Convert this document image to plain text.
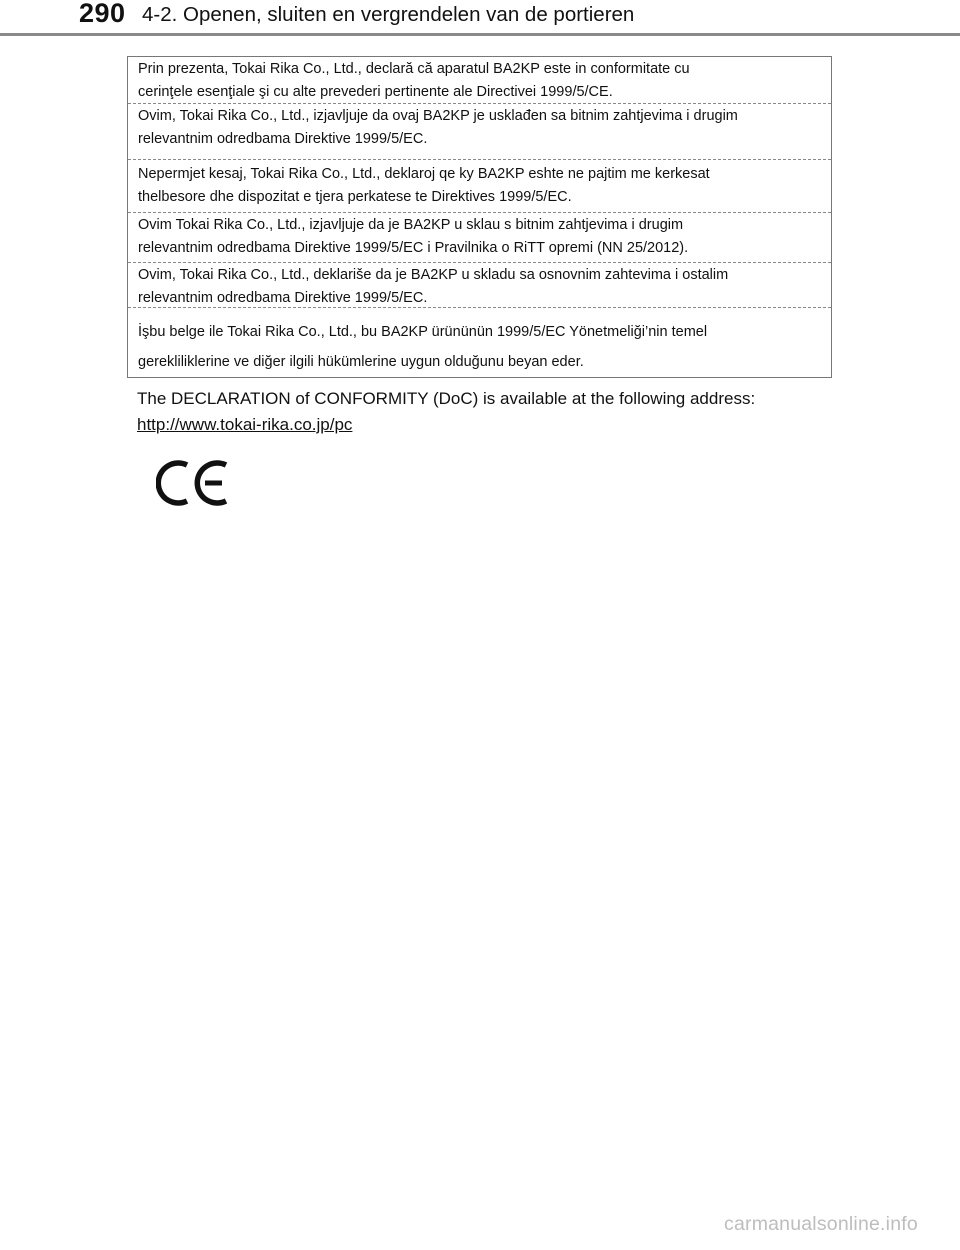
290 4-2. Openen, sluiten en vergrendelen van de portieren

Prin prezenta, Tokai Rika Co., Ltd., declară că aparatul BA2KP este in conformitate cu

cerinţele esenţiale şi cu alte prevederi pertinente ale Directivei 1999/5/CE.

Ovim, Tokai Rika Co., Ltd., izjavljuje da ovaj BA2KP je usklađen sa bitnim zahtjevima i drugim

relevantnim odredbama Direktive 1999/5/EC.

Nepermjet kesaj, Tokai Rika Co., Ltd., deklaroj qe ky BA2KP eshte ne pajtim me kerkesat

thelbesore dhe dispozitat e tjera perkatese te Direktives 1999/5/EC.

Ovim Tokai Rika Co., Ltd., izjavljuje da je BA2KP u sklau s bitnim zahtjevima i drugim

relevantnim odredbama Direktive 1999/5/EC i Pravilnika o RiTT opremi (NN 25/2012).

Ovim, Tokai Rika Co., Ltd., deklariše da je BA2KP u skladu sa osnovnim zahtevima i ostalim

relevantnim odredbama Direktive 1999/5/EC.

İşbu belge ile Tokai Rika Co., Ltd., bu BA2KP ürününün 1999/5/EC Yönetmeliği’nin temel

gerekliliklerine ve diğer ilgili hükümlerine uygun olduğunu beyan eder.

The DECLARATION of CONFORMITY (DoC) is available at the following address:
http://www.tokai-rika.co.jp/pc
carmanualsonline.info
